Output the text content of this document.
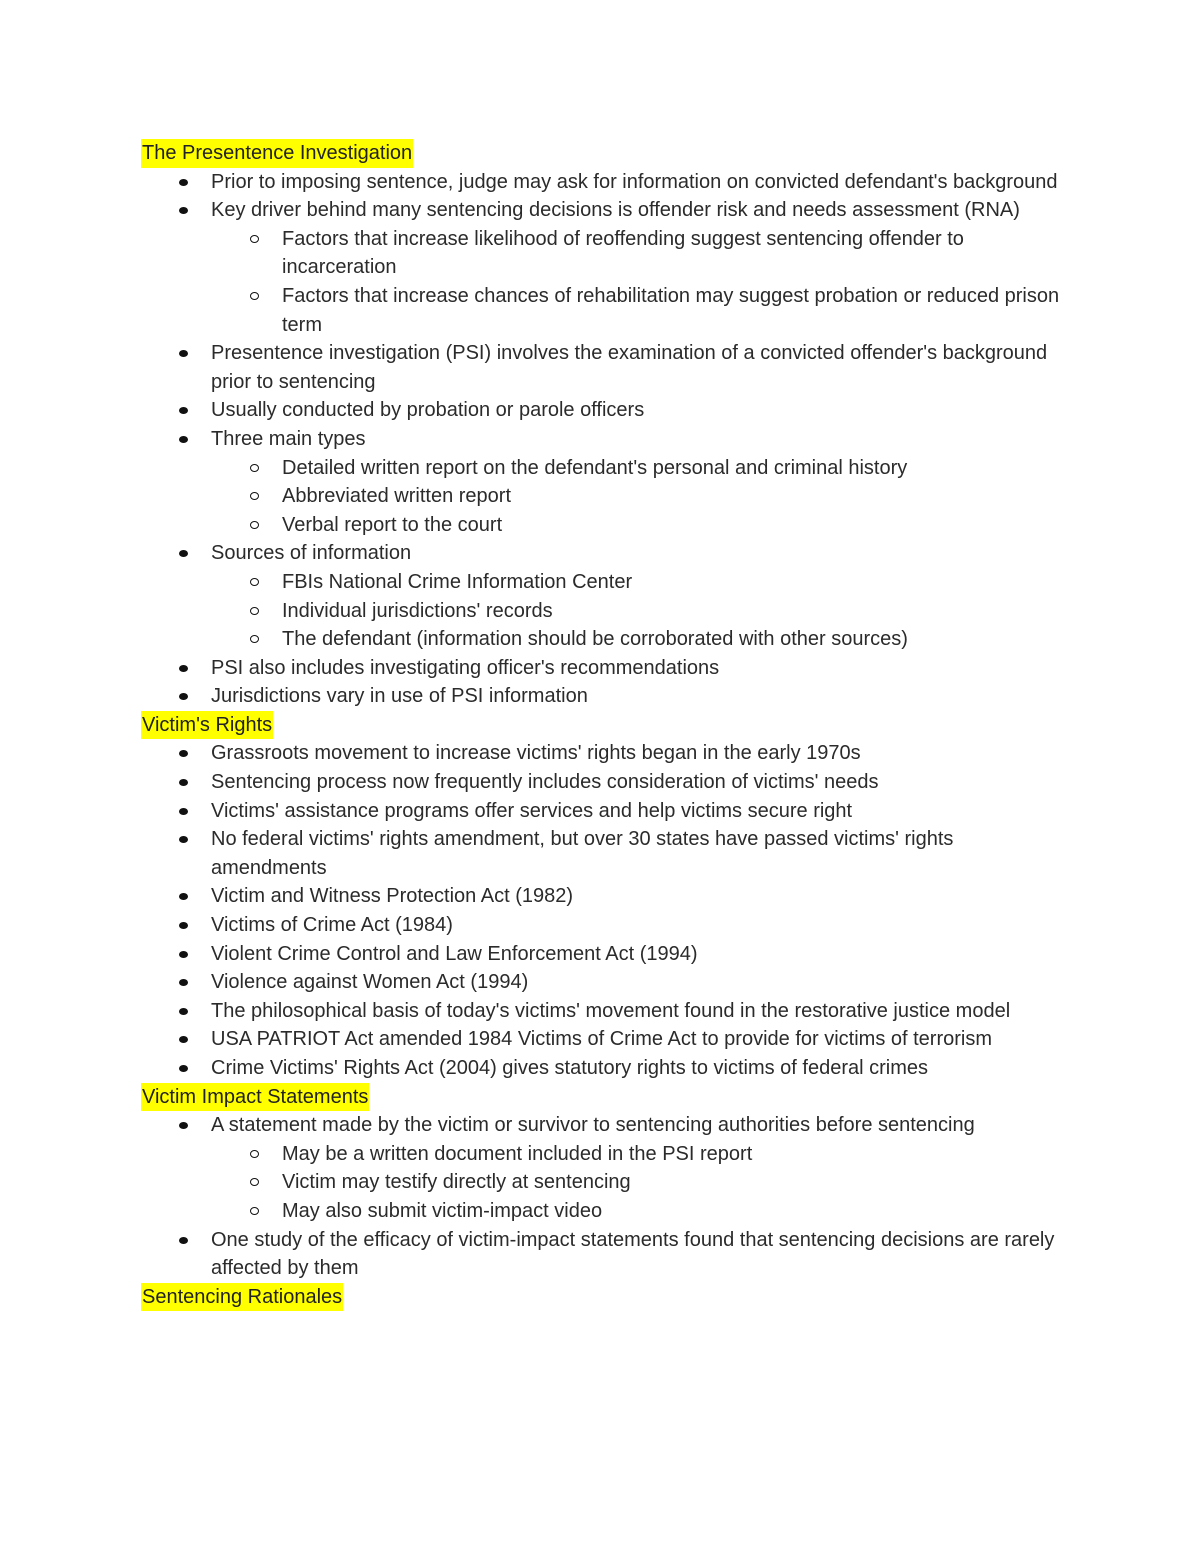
The Presentence Investigation
Prior to imposing sentence, judge may ask for information on convicted defendant's background
Key driver behind many sentencing decisions is offender risk and needs assessment (RNA)
Factors that increase likelihood of reoffending suggest sentencing offender to incarceration
Factors that increase chances of rehabilitation may suggest probation or reduced prison term
Presentence investigation (PSI) involves the examination of a convicted offender's background prior to sentencing
Usually conducted by probation or parole officers
Three main types
Detailed written report on the defendant's personal and criminal history
Abbreviated written report
Verbal report to the court
Sources of information
FBIs National Crime Information Center
Individual jurisdictions' records
The defendant (information should be corroborated with other sources)
PSI also includes investigating officer's recommendations
Jurisdictions vary in use of PSI information
Victim's Rights
Grassroots movement to increase victims' rights began in the early 1970s
Sentencing process now frequently includes consideration of victims' needs
Victims' assistance programs offer services and help victims secure right
No federal victims' rights amendment, but over 30 states have passed victims' rights amendments
Victim and Witness Protection Act (1982)
Victims of Crime Act (1984)
Violent Crime Control and Law Enforcement Act (1994)
Violence against Women Act (1994)
The philosophical basis of today's victims' movement found in the restorative justice model
USA PATRIOT Act amended 1984 Victims of Crime Act to provide for victims of terrorism
Crime Victims' Rights Act (2004) gives statutory rights to victims of federal crimes
Victim Impact Statements
A statement made by the victim or survivor to sentencing authorities before sentencing
May be a written document included in the PSI report
Victim may testify directly at sentencing
May also submit victim-impact video
One study of the efficacy of victim-impact statements found that sentencing decisions are rarely affected by them
Sentencing Rationales
